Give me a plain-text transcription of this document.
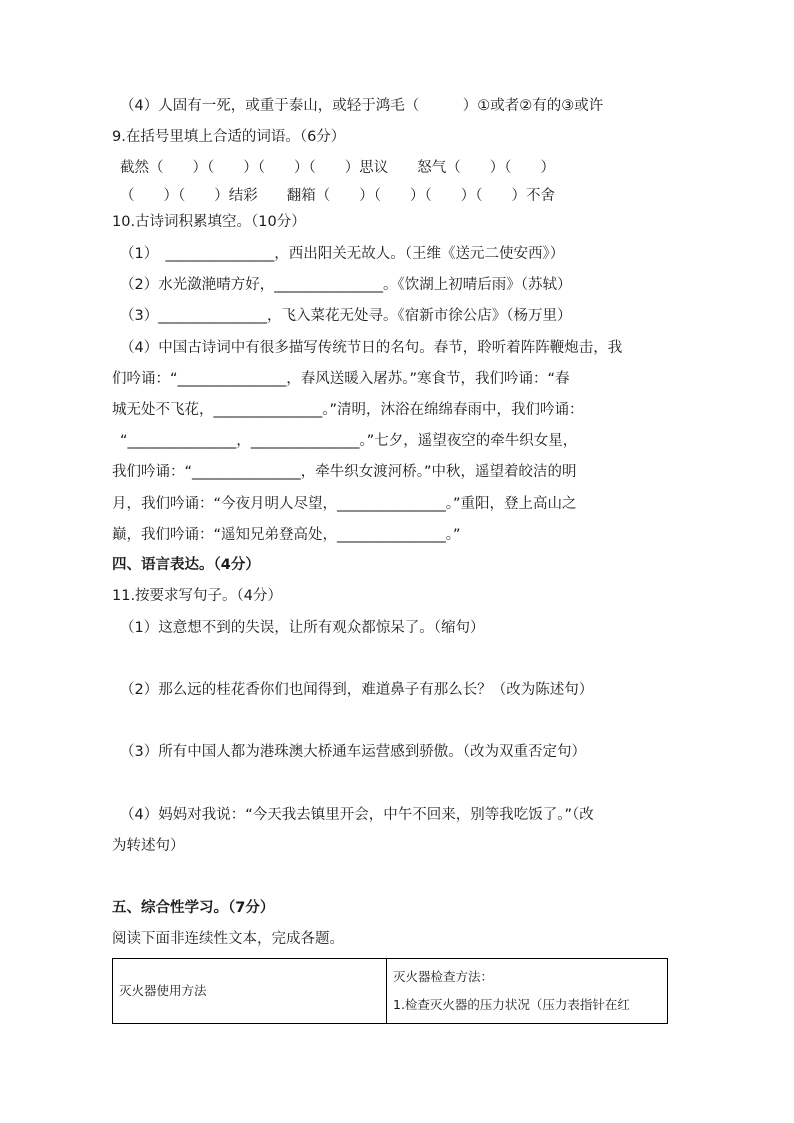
（4）人固有一死，或重于泰山，或轻于鸿毛（　　　）①或者②有的③或许
9.在括号里填上合适的词语。（6分）
截然（　　）（　　）（　　）（　　）思议　　怒气（　　）（　　）
（　　）（　　）结彩　　翻箱（　　）（　　）（　　）（　　）不舍
10.古诗词积累填空。（10分）
（1）　_______________，西出阳关无故人。（王维《送元二使安西》）
（2）水光潋滟晴方好，_______________。《饮湖上初晴后雨》（苏轼）
（3）_______________，飞入菜花无处寻。《宿新市徐公店》（杨万里）
（4）中国古诗词中有很多描写传统节日的名句。春节，聆听着阵阵鞭炮击，我
们吟诵：“_______________，春风送暖入屠苏。”寒食节，我们吟诵：“春
城无处不飞花，_______________。”清明，沐浴在绵绵春雨中，我们吟诵：
“_______________，_______________。”七夕，遥望夜空的牵牛织女星，
我们吟诵：“_______________，牵牛织女渡河桥。”中秋，遥望着皎洁的明
月，我们吟诵：“今夜月明人尽望，_______________。”重阳，登上高山之
巅，我们吟诵：“遥知兄弟登高处，_______________。”
四、语言表达。（4分）
11.按要求写句子。（4分）
（1）这意想不到的失误，让所有观众都惊呆了。（缩句）
（2）那么远的桂花香你们也闻得到，难道鼻子有那么长？（改为陈述句）
（3）所有中国人都为港珠澳大桥通车运营感到骄傲。（改为双重否定句）
（4）妈妈对我说：“今天我去镇里开会，中午不回来，别等我吃饭了。”（改
为转述句）
五、综合性学习。（7分）
阅读下面非连续性文本，完成各题。
灭火器使用方法
灭火器检查方法：
1.检查灭火器的压力状况（压力表指针在红
